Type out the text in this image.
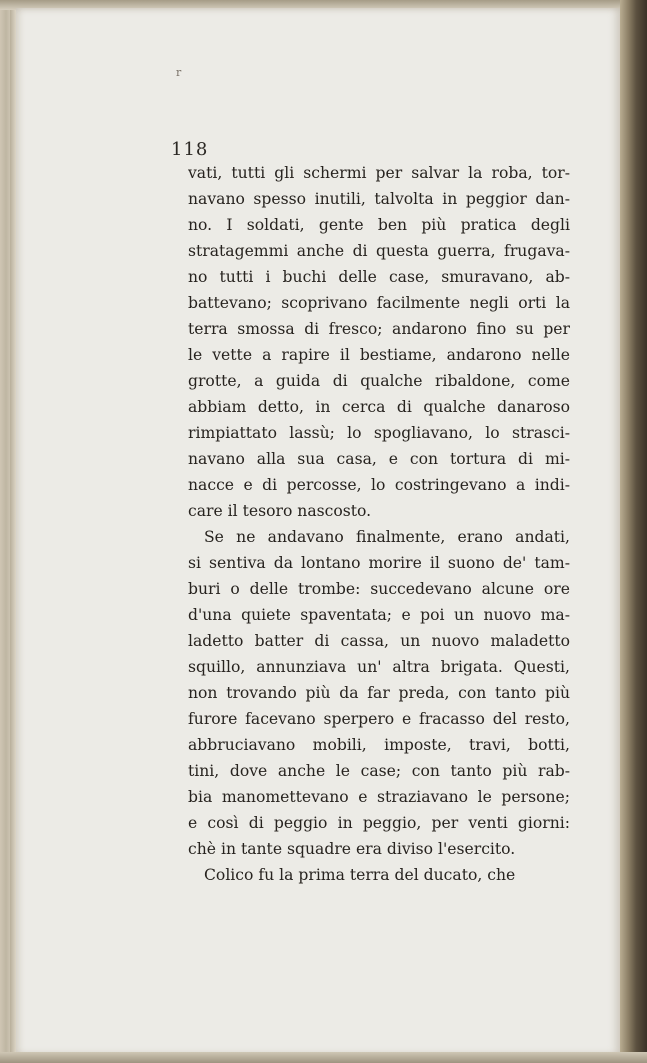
r
118
vati, tutti gli schermi per salvar la roba, tor-
navano spesso inutili, talvolta in peggior dan-
no. I soldati, gente ben più pratica degli
stratagemmi anche di questa guerra, frugava-
no tutti i buchi delle case, smuravano, ab-
battevano; scoprivano facilmente negli orti la
terra smossa di fresco; andarono fino su per
le vette a rapire il bestiame, andarono nelle
grotte, a guida di qualche ribaldone, come
abbiam detto, in cerca di qualche danaroso
rimpiattato lassù; lo spogliavano, lo strasci-
navano alla sua casa, e con tortura di mi-
nacce e di percosse, lo costringevano a indi-
care il tesoro nascosto.
Se ne andavano finalmente, erano andati,
si sentiva da lontano morire il suono de' tam-
buri o delle trombe: succedevano alcune ore
d'una quiete spaventata; e poi un nuovo ma-
ladetto batter di cassa, un nuovo maladetto
squillo, annunziava un' altra brigata. Questi,
non trovando più da far preda, con tanto più
furore facevano sperpero e fracasso del resto,
abbruciavano mobili, imposte, travi, botti,
tini, dove anche le case; con tanto più rab-
bia manomettevano e straziavano le persone;
e così di peggio in peggio, per venti giorni:
chè in tante squadre era diviso l'esercito.
Colico fu la prima terra del ducato, che
